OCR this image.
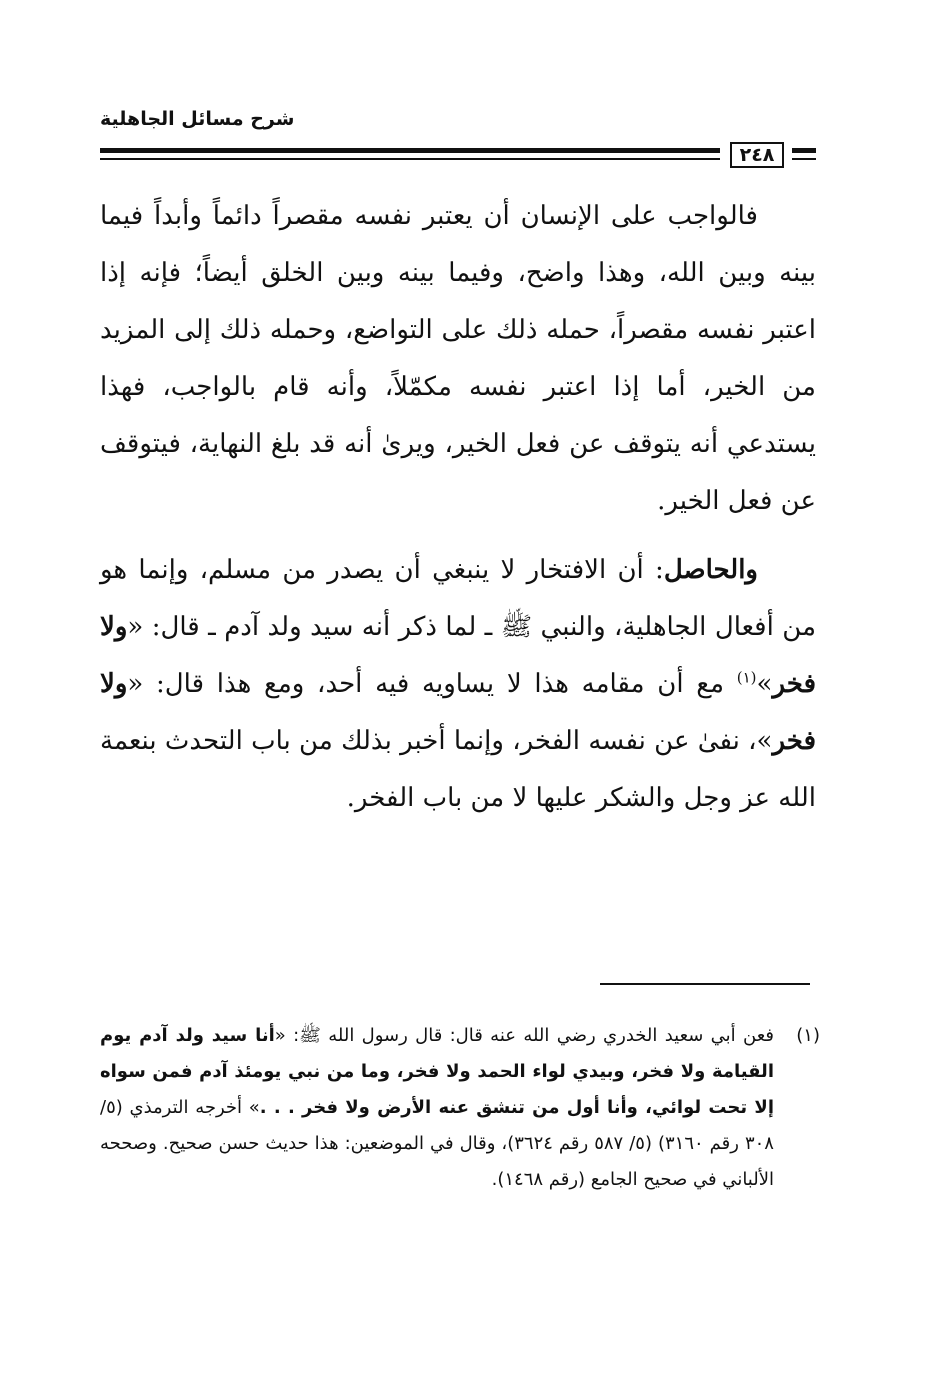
شرح مسائل الجاهلية
٢٤٨

فالواجب على الإنسان أن يعتبر نفسه مقصراً دائماً وأبداً فيما بينه وبين الله، وهذا واضح، وفيما بينه وبين الخلق أيضاً؛ فإنه إذا اعتبر نفسه مقصراً، حمله ذلك على التواضع، وحمله ذلك إلى المزيد من الخير، أما إذا اعتبر نفسه مكمّلاً، وأنه قام بالواجب، فهذا يستدعي أنه يتوقف عن فعل الخير، ويرىٰ أنه قد بلغ النهاية، فيتوقف عن فعل الخير.

والحاصل: أن الافتخار لا ينبغي أن يصدر من مسلم، وإنما هو من أفعال الجاهلية، والنبي ﷺ ـ لما ذكر أنه سيد ولد آدم ـ قال: «ولا فخر»$^{(١)}$ مع أن مقامه هذا لا يساويه فيه أحد، ومع هذا قال: «ولا فخر»، نفىٰ عن نفسه الفخر، وإنما أخبر بذلك من باب التحدث بنعمة الله عز وجل والشكر عليها لا من باب الفخر.

(١)
فعن أبي سعيد الخدري رضي الله عنه قال: قال رسول الله ﷺ: «أنا سيد ولد آدم يوم القيامة ولا فخر، وبيدي لواء الحمد ولا فخر، وما من نبي يومئذ آدم فمن سواه إلا تحت لوائي، وأنا أول من تنشق عنه الأرض ولا فخر . . .» أخرجه الترمذي (٥/ ٣٠٨ رقم ٣١٦٠) (٥/ ٥٨٧ رقم ٣٦٢٤)، وقال في الموضعين: هذا حديث حسن صحيح. وصححه الألباني في صحيح الجامع (رقم ١٤٦٨).
